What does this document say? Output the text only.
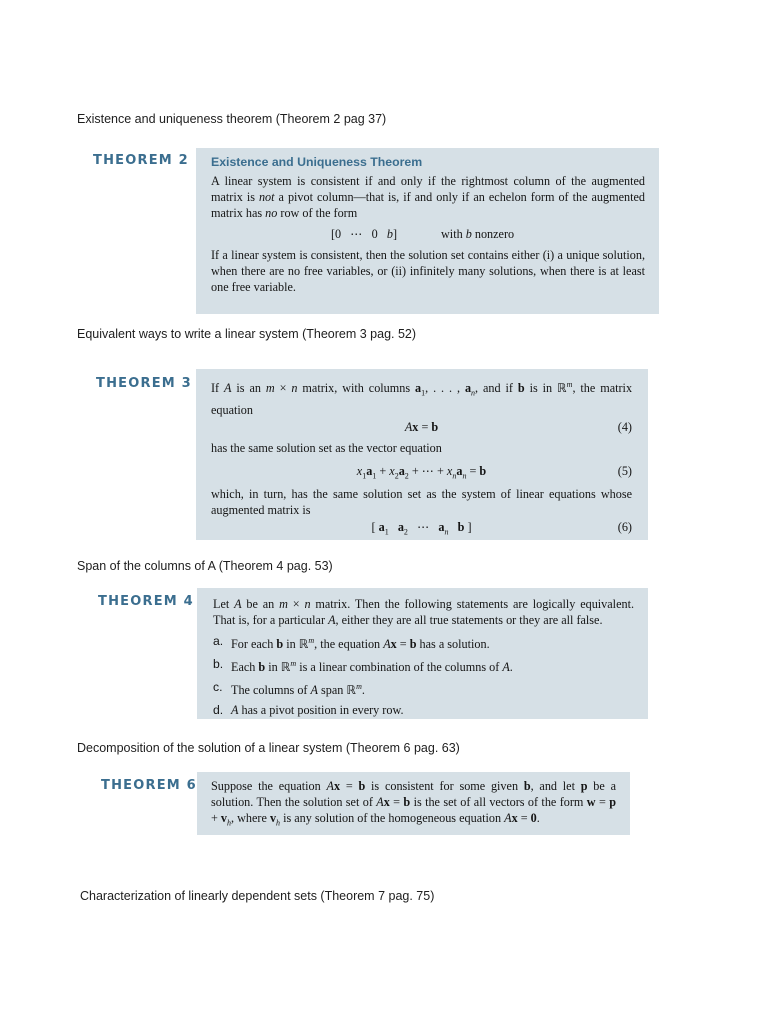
Existence and uniqueness theorem (Theorem 2 pag 37)
THEOREM 2 Existence and Uniqueness Theorem
A linear system is consistent if and only if the rightmost column of the augmented matrix is not a pivot column—that is, if and only if an echelon form of the augmented matrix has no row of the form
[0   ⋯   0   b]	with b nonzero
If a linear system is consistent, then the solution set contains either (i) a unique solution, when there are no free variables, or (ii) infinitely many solutions, when there is at least one free variable.
Equivalent ways to write a linear system (Theorem 3 pag. 52)
THEOREM 3 If A is an m × n matrix, with columns $a_1$, . . . , $a_n$, and if b is in ℝ$^m$, the matrix equation
Ax = b	(4)
has the same solution set as the vector equation
$x_1a_1 + x_2a_2$ + ⋯ + $x_na_n = b$	(5)
which, in turn, has the same solution set as the system of linear equations whose augmented matrix is
[ $a_1$ $a_2$   ⋯   $a_n$ b ]	(6)
Span of the columns of A (Theorem 4 pag. 53)
THEOREM 4 Let A be an m × n matrix. Then the following statements are logically equivalent. That is, for a particular A, either they are all true statements or they are all false.
a. For each b in ℝ$^m$, the equation Ax = b has a solution.
b. Each b in ℝ$^m$ is a linear combination of the columns of A.
c. The columns of A span ℝ$^m$.
d. A has a pivot position in every row.
Decomposition of the solution of a linear system (Theorem 6 pag. 63)
THEOREM 6 Suppose the equation Ax = b is consistent for some given b, and let p be a solution. Then the solution set of Ax = b is the set of all vectors of the form $w = p + v_h$, where $v_h$ is any solution of the homogeneous equation Ax = 0.
Characterization of linearly dependent sets (Theorem 7 pag. 75)
